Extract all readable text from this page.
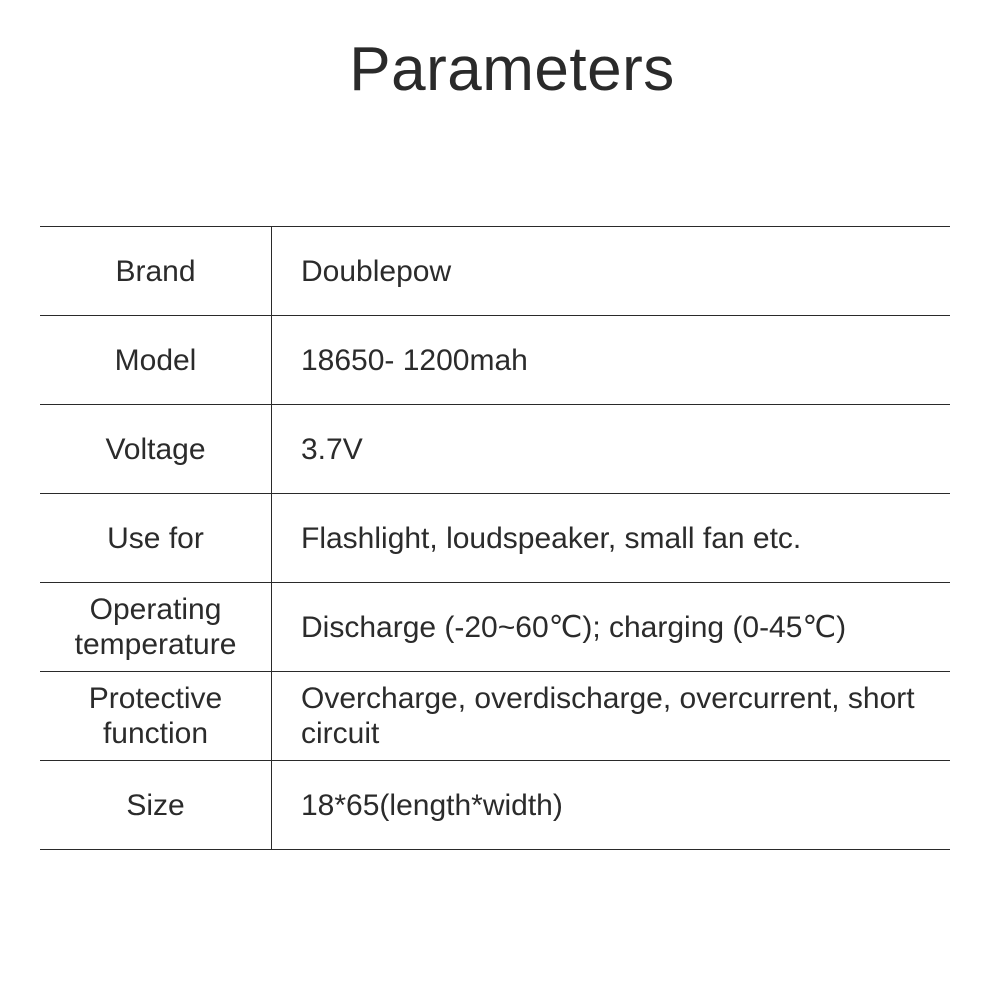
Parameters
Brand	Doublepow
Model	18650- 1200mah
Voltage	3.7V
Use for	Flashlight, loudspeaker, small fan etc.
Operating temperature	Discharge (-20~60℃); charging (0-45℃)
Protective function	Overcharge, overdischarge, overcurrent, short circuit
Size	18*65(length*width)
